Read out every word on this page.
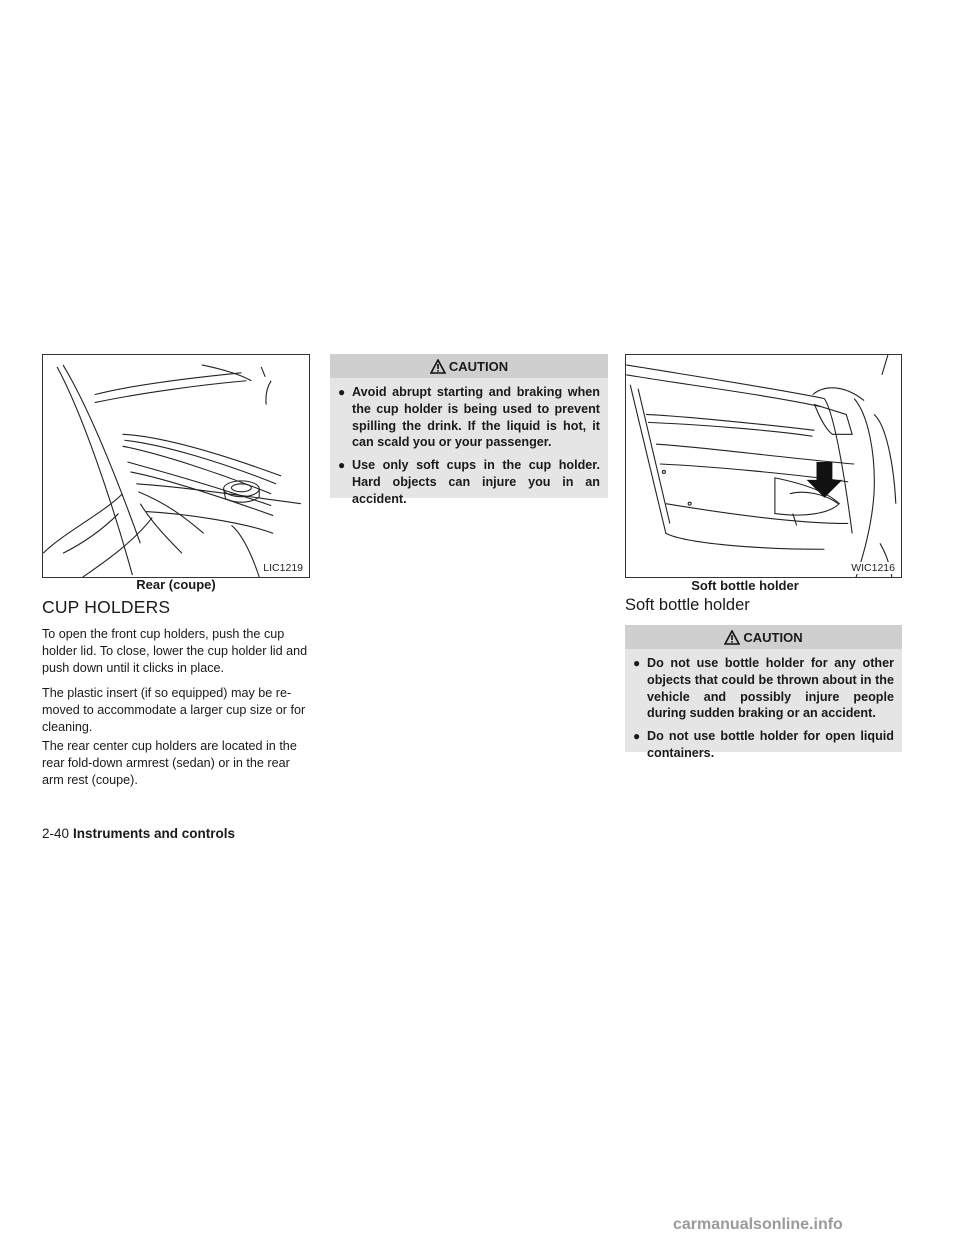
LIC1219
Rear (coupe)
WIC1216
Soft bottle holder
CUP HOLDERS

To open the front cup holders, push the cup holder lid. To close, lower the cup holder lid and push down until it clicks in place.

The plastic insert (if so equipped) may be re-moved to accommodate a larger cup size or for cleaning.

The rear center cup holders are located in the rear fold-down armrest (sedan) or in the rear arm rest (coupe).

CAUTION
● Avoid abrupt starting and braking when the cup holder is being used to prevent spilling the drink. If the liquid is hot, it can scald you or your passenger.
● Use only soft cups in the cup holder. Hard objects can injure you in an accident.
Soft bottle holder
CAUTION
● Do not use bottle holder for any other objects that could be thrown about in the vehicle and possibly injure people during sudden braking or an accident.
● Do not use bottle holder for open liquid containers.
2-40 Instruments and controls
carmanualsonline.info
